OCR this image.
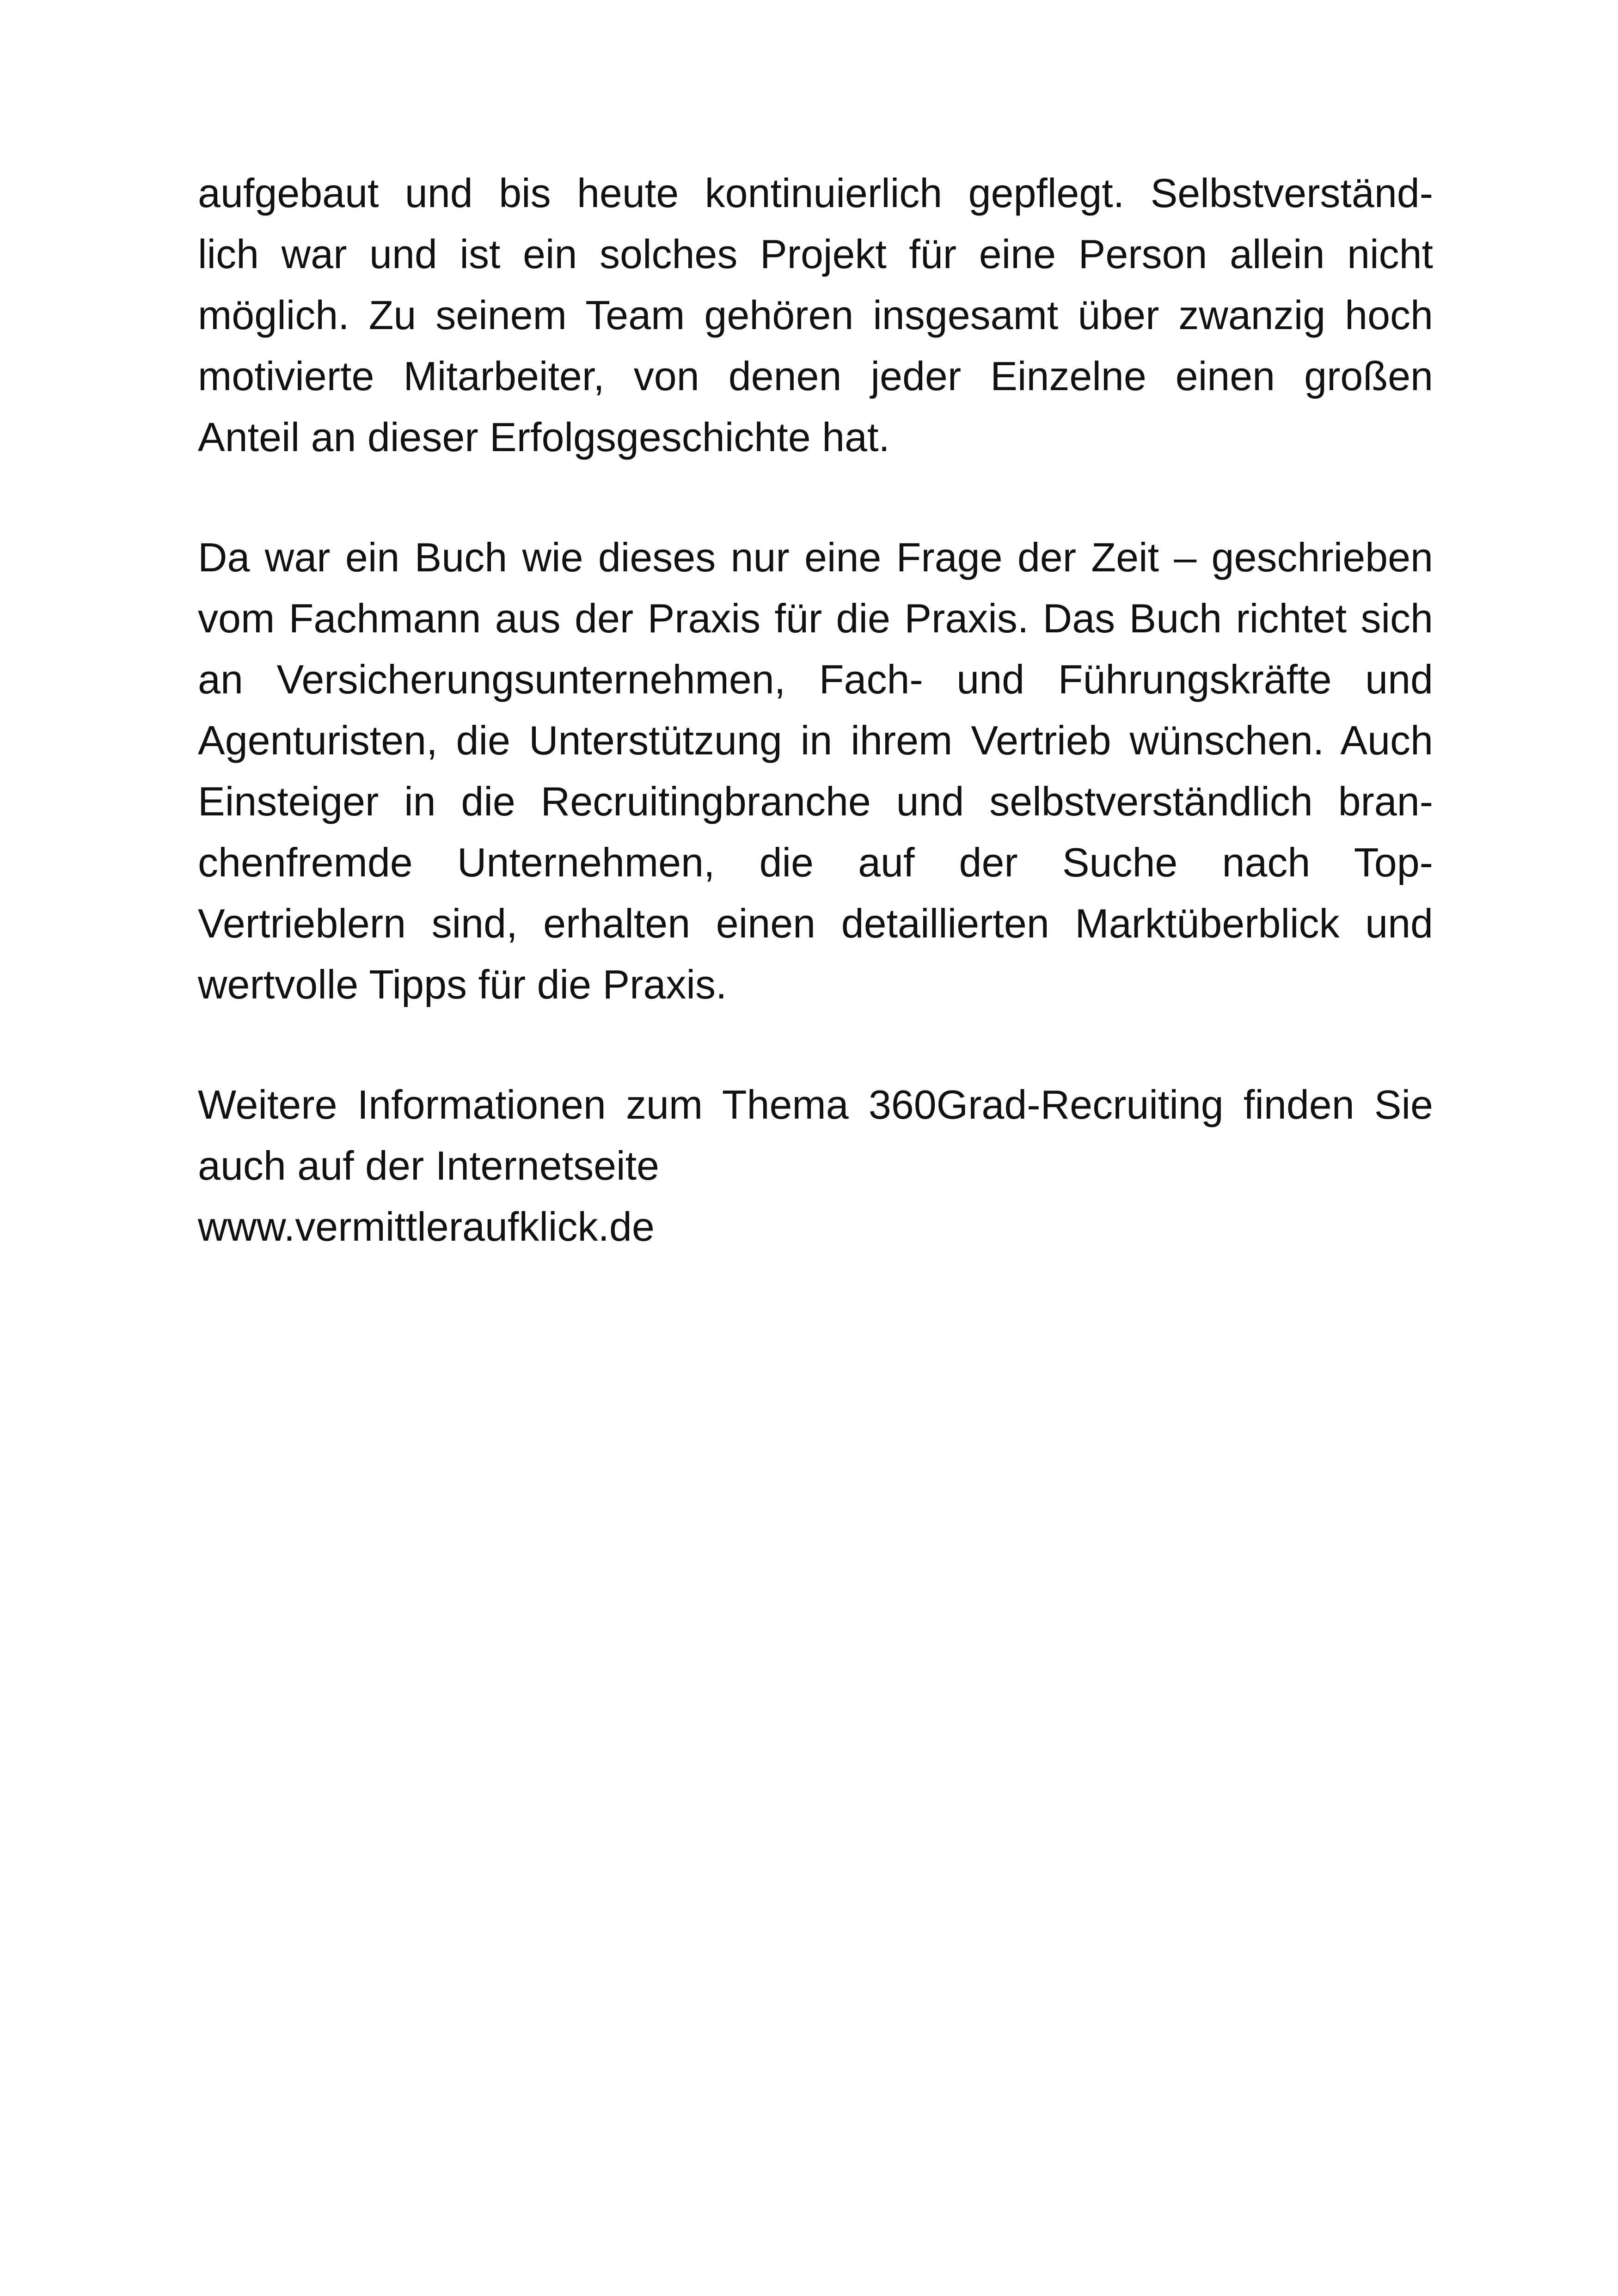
aufgebaut und bis heute kontinuierlich gepflegt. Selbstverständ-
lich war und ist ein solches Projekt für eine Person allein nicht
möglich. Zu seinem Team gehören insgesamt über zwanzig hoch
motivierte Mitarbeiter, von denen jeder Einzelne einen großen
Anteil an dieser Erfolgsgeschichte hat.
Da war ein Buch wie dieses nur eine Frage der Zeit – geschrieben
vom Fachmann aus der Praxis für die Praxis. Das Buch richtet sich
an Versicherungsunternehmen, Fach- und Führungskräfte und
Agenturisten, die Unterstützung in ihrem Vertrieb wünschen. Auch
Einsteiger in die Recruitingbranche und selbstverständlich bran-
chenfremde Unternehmen, die auf der Suche nach Top-
Vertrieblern sind, erhalten einen detaillierten Marktüberblick und
wertvolle Tipps für die Praxis.
Weitere Informationen zum Thema 360Grad-Recruiting finden Sie
auch auf der Internetseite
www.vermittleraufklick.de
